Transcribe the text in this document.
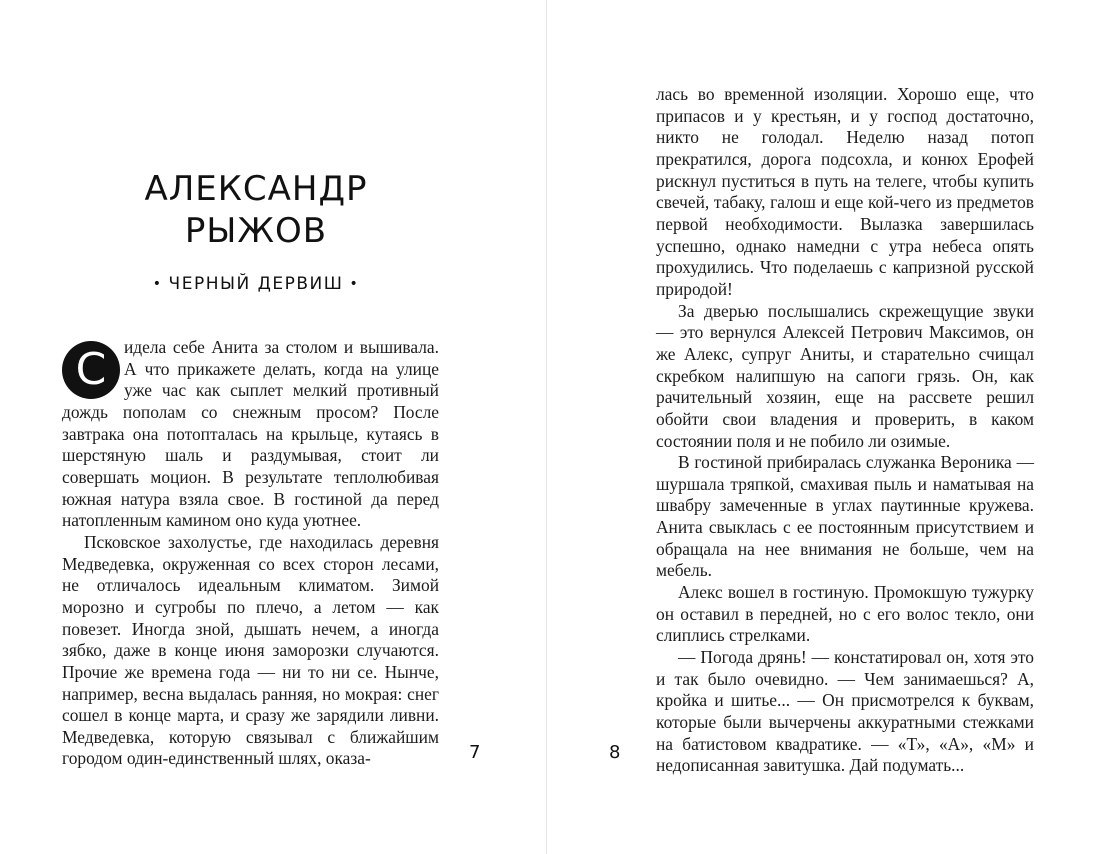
АЛЕКСАНДР
РЫЖОВ
• ЧЕРНЫЙ ДЕРВИШ •

С	идела себе Анита за столом и вышивала. А что прикажете делать, когда на улице уже час как сыплет мелкий противный дождь пополам со снежным просом? После завтрака она потопталась на крыльце, кутаясь в шерстяную шаль и раздумывая, стоит ли совершать моцион. В результате теплолюбивая южная натура взяла свое. В гостиной да перед натопленным камином оно куда уютнее.

Псковское захолустье, где находилась деревня Медведевка, окруженная со всех сторон лесами, не отличалось идеальным климатом. Зимой морозно и сугробы по плечо, а летом — как повезет. Иногда зной, дышать нечем, а иногда зябко, даже в конце июня заморозки случаются. Прочие же времена года — ни то ни се. Нынче, например, весна выдалась ранняя, но мокрая: снег сошел в конце марта, и сразу же зарядили ливни. Медведевка, которую связывал с ближайшим городом один-единственный шлях, оказа-	7

лась во временной изоляции. Хорошо еще, что припасов и у крестьян, и у господ достаточно, никто не голодал. Неделю назад потоп прекратился, дорога подсохла, и конюх Ерофей рискнул пуститься в путь на телеге, чтобы купить свечей, табаку, галош и еще кой-чего из предметов первой необходимости. Вылазка завершилась успешно, однако намедни с утра небеса опять прохудились. Что поделаешь с капризной русской природой!

За дверью послышались скрежещущие звуки — это вернулся Алексей Петрович Максимов, он же Алекс, супруг Аниты, и старательно счищал скребком налипшую на сапоги грязь. Он, как рачительный хозяин, еще на рассвете решил обойти свои владения и проверить, в каком состоянии поля и не побило ли озимые.

В гостиной прибиралась служанка Вероника — шуршала тряпкой, смахивая пыль и наматывая на швабру замеченные в углах паутинные кружева. Анита свыклась с ее постоянным присутствием и обращала на нее внимания не больше, чем на мебель.

Алекс вошел в гостиную. Промокшую тужурку он оставил в передней, но с его волос текло, они слиплись стрелками.

— Погода дрянь! — констатировал он, хотя это и так было очевидно. — Чем занимаешься? А, кройка и шитье... — Он присмотрелся к буквам, которые были вычерчены аккуратными стежками на батистовом квадратике. — «Т», «А», «М» и недописанная завитушка. Дай подумать...

8
